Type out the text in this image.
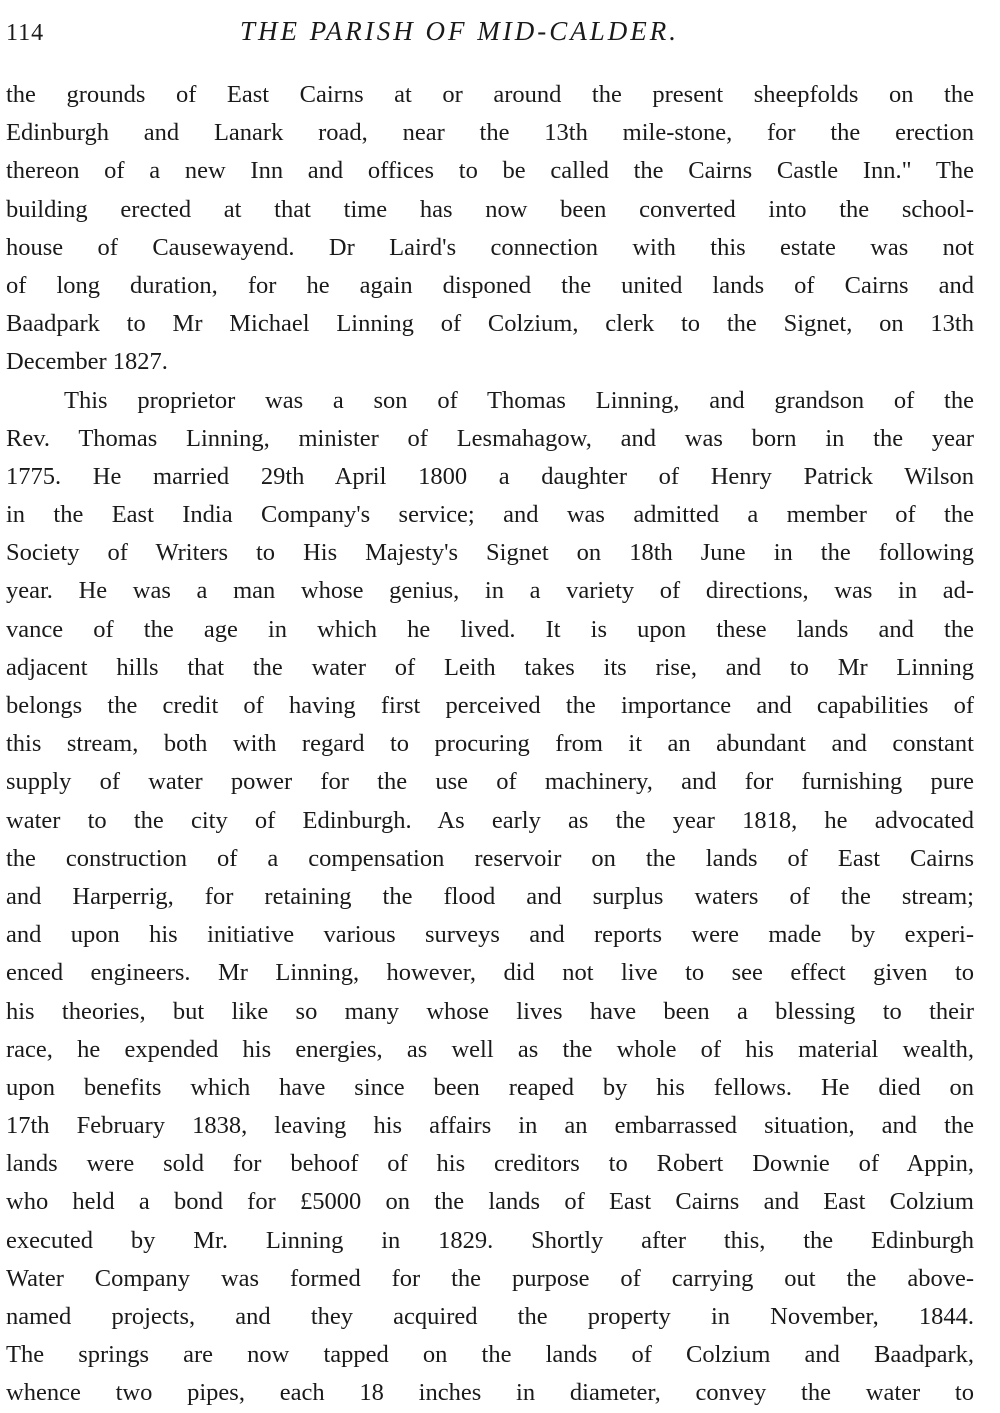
114	THE PARISH OF MID-CALDER.
the grounds of East Cairns at or around the present sheepfolds on the
Edinburgh and Lanark road, near the 13th mile-stone, for the erection
thereon of a new Inn and offices to be called the Cairns Castle Inn." The
building erected at that time has now been converted into the school-
house of Causewayend. Dr Laird's connection with this estate was not
of long duration, for he again disponed the united lands of Cairns and
Baadpark to Mr Michael Linning of Colzium, clerk to the Signet, on 13th
December 1827.
This proprietor was a son of Thomas Linning, and grandson of the
Rev. Thomas Linning, minister of Lesmahagow, and was born in the year
1775. He married 29th April 1800 a daughter of Henry Patrick Wilson
in the East India Company's service; and was admitted a member of the
Society of Writers to His Majesty's Signet on 18th June in the following
year. He was a man whose genius, in a variety of directions, was in ad-
vance of the age in which he lived. It is upon these lands and the
adjacent hills that the water of Leith takes its rise, and to Mr Linning
belongs the credit of having first perceived the importance and capabilities of
this stream, both with regard to procuring from it an abundant and constant
supply of water power for the use of machinery, and for furnishing pure
water to the city of Edinburgh. As early as the year 1818, he advocated
the construction of a compensation reservoir on the lands of East Cairns
and Harperrig, for retaining the flood and surplus waters of the stream;
and upon his initiative various surveys and reports were made by experi-
enced engineers. Mr Linning, however, did not live to see effect given to
his theories, but like so many whose lives have been a blessing to their
race, he expended his energies, as well as the whole of his material wealth,
upon benefits which have since been reaped by his fellows. He died on
17th February 1838, leaving his affairs in an embarrassed situation, and the
lands were sold for behoof of his creditors to Robert Downie of Appin,
who held a bond for £5000 on the lands of East Cairns and East Colzium
executed by Mr. Linning in 1829. Shortly after this, the Edinburgh
Water Company was formed for the purpose of carrying out the above-
named projects, and they acquired the property in November, 1844.
The springs are now tapped on the lands of Colzium and Baadpark,
whence two pipes, each 18 inches in diameter, convey the water to
